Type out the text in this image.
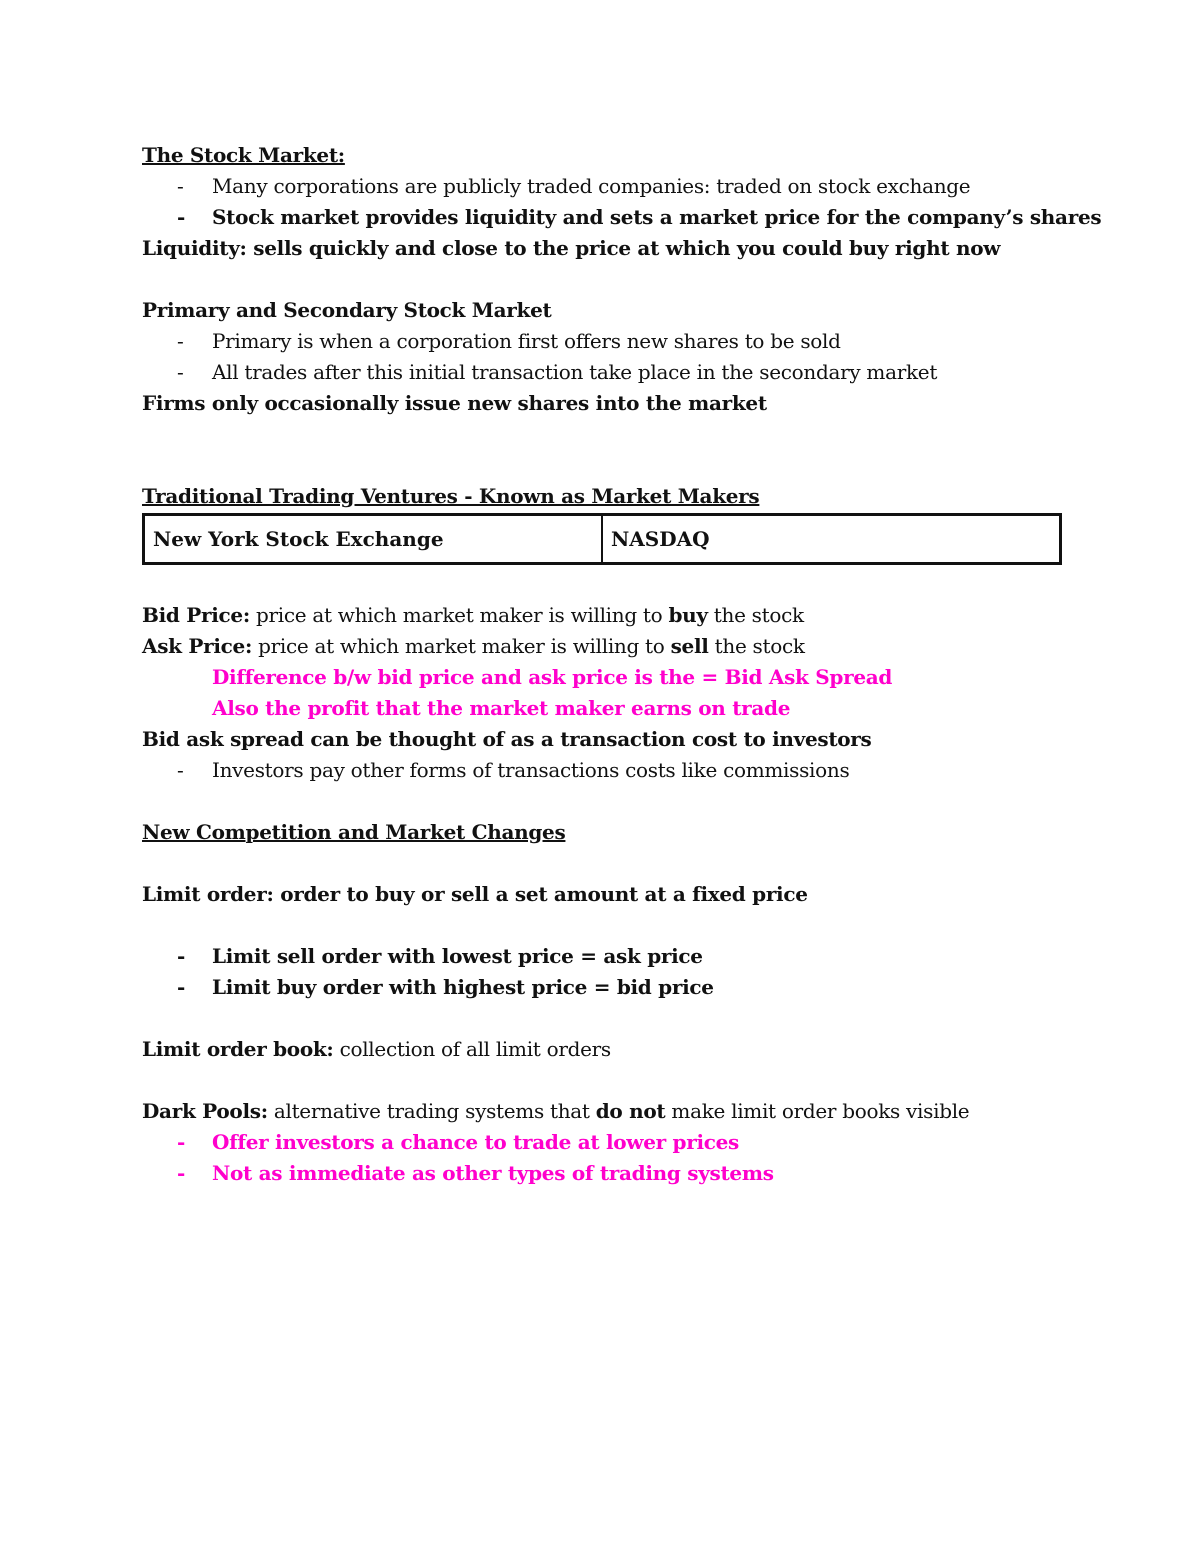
The Stock Market:
- Many corporations are publicly traded companies: traded on stock exchange
- Stock market provides liquidity and sets a market price for the company’s shares
Liquidity: sells quickly and close to the price at which you could buy right now
Primary and Secondary Stock Market
- Primary is when a corporation first offers new shares to be sold
- All trades after this initial transaction take place in the secondary market
Firms only occasionally issue new shares into the market
Traditional Trading Ventures - Known as Market Makers
New York Stock Exchange	NASDAQ
Bid Price: price at which market maker is willing to buy the stock
Ask Price: price at which market maker is willing to sell the stock
Difference b/w bid price and ask price is the = Bid Ask Spread
Also the profit that the market maker earns on trade
Bid ask spread can be thought of as a transaction cost to investors
- Investors pay other forms of transactions costs like commissions
New Competition and Market Changes
Limit order: order to buy or sell a set amount at a fixed price
- Limit sell order with lowest price = ask price
- Limit buy order with highest price = bid price
Limit order book: collection of all limit orders
Dark Pools: alternative trading systems that do not make limit order books visible
- Offer investors a chance to trade at lower prices
- Not as immediate as other types of trading systems
